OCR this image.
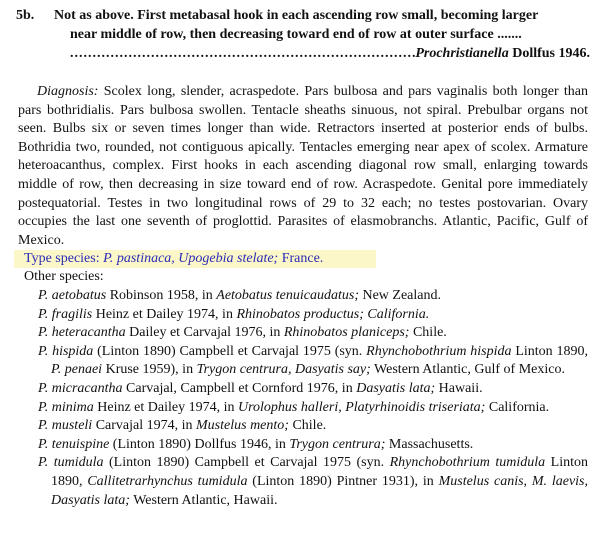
5b. Not as above. First metabasal hook in each ascending row small, becoming larger
near middle of row, then decreasing toward end of row at outer surface .......
.....
Prochristianella Dollfus 1946.

Diagnosis: Scolex long, slender, acraspedote. Pars bulbosa and pars vaginalis both longer than pars bothridialis. Pars bulbosa swollen. Tentacle sheaths sinuous, not spiral. Prebulbar organs not seen. Bulbs six or seven times longer than wide. Retractors inserted at posterior ends of bulbs. Bothridia two, rounded, not contiguous apically. Tentacles emerging near apex of scolex. Armature heteroacanthus, complex. First hooks in each ascending diagonal row small, enlarging towards middle of row, then decreasing in size toward end of row. Acraspedote. Genital pore immediately postequatorial. Testes in two longitudinal rows of 29 to 32 each; no testes postovarian. Ovary occupies the last one seventh of proglottid. Parasites of elasmobranchs. Atlantic, Pacific, Gulf of Mexico.

Type species: P. pastinaca, Upogebia stelate; France.
Other species:
P. aetobatus Robinson 1958, in Aetobatus tenuicaudatus; New Zealand.
P. fragilis Heinz et Dailey 1974, in Rhinobatos productus; California.
P. heteracantha Dailey et Carvajal 1976, in Rhinobatos planiceps; Chile.
P. hispida (Linton 1890) Campbell et Carvajal 1975 (syn. Rhynchobothrium hispida Linton 1890, P. penaei Kruse 1959), in Trygon centrura, Dasyatis say; Western Atlantic, Gulf of Mexico.
P. micracantha Carvajal, Campbell et Cornford 1976, in Dasyatis lata; Hawaii.
P. minima Heinz et Dailey 1974, in Urolophus halleri, Platyrhinoidis triseriata; California.
P. musteli Carvajal 1974, in Mustelus mento; Chile.
P. tenuispine (Linton 1890) Dollfus 1946, in Trygon centrura; Massachusetts.
P. tumidula (Linton 1890) Campbell et Carvajal 1975 (syn. Rhynchobothrium tumidula Linton 1890, Callitetrarhynchus tumidula (Linton 1890) Pintner 1931), in Mustelus canis, M. laevis, Dasyatis lata; Western Atlantic, Hawaii.
